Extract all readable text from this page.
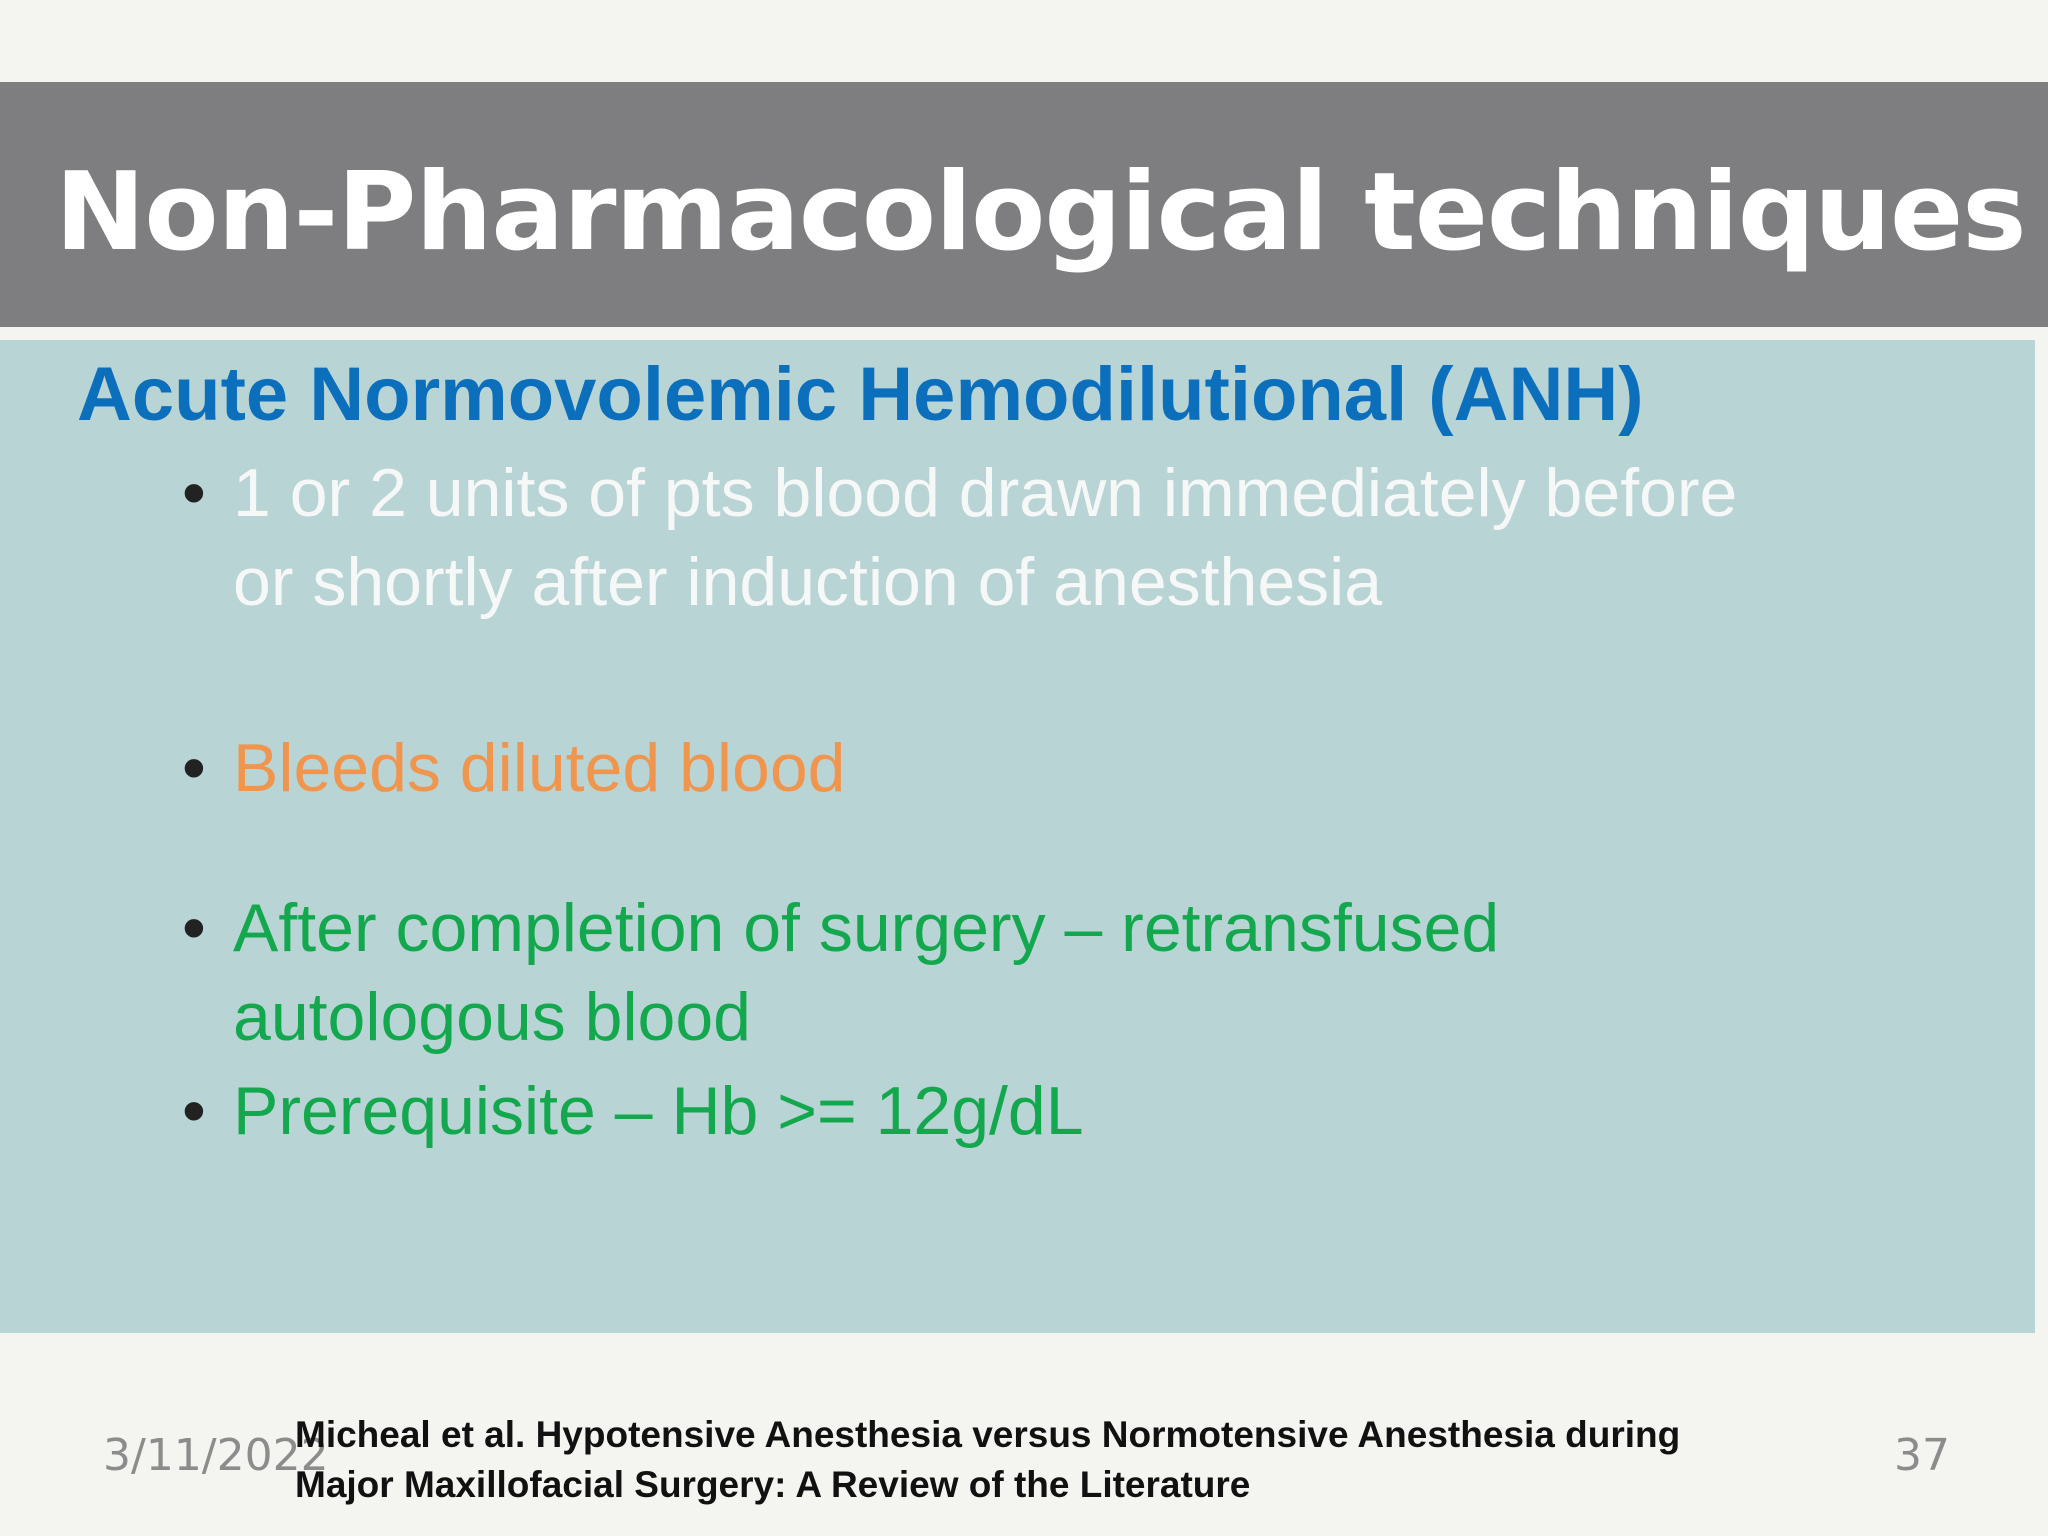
Non-Pharmacological techniques
Acute Normovolemic Hemodilutional (ANH)
• 1 or 2 units of pts blood drawn immediately before
or shortly after induction of anesthesia
• Bleeds diluted blood
• After completion of surgery – retransfused
autologous blood
• Prerequisite – Hb >= 12g/dL
3/11/2022
Micheal et al. Hypotensive Anesthesia versus Normotensive Anesthesia during
Major Maxillofacial Surgery: A Review of the Literature
37
